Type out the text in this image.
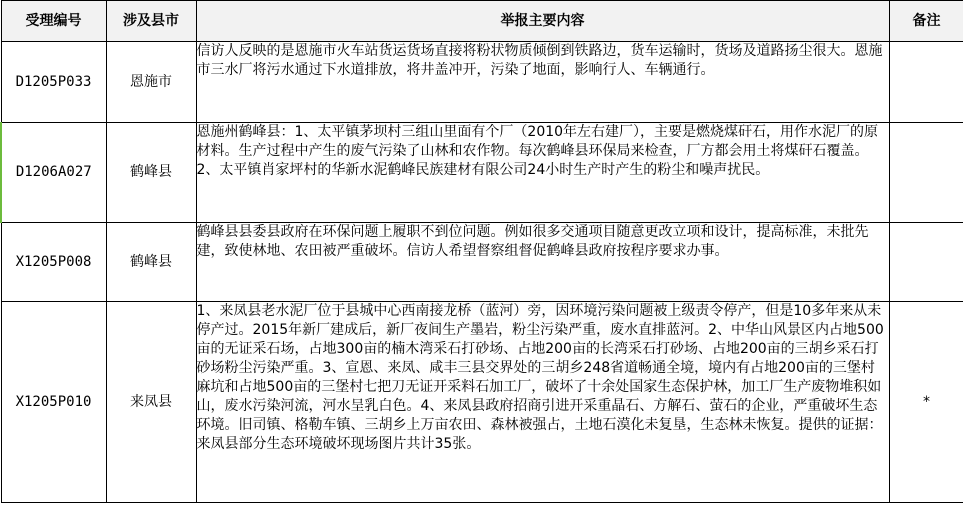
受理编号	涉及县市	举报主要内容	备注
D1205P033	恩施市	信访人反映的是恩施市火车站货运货场直接将粉状物质倾倒到铁路边，货车运输时，货场及道路扬尘很大。恩施市三水厂将污水通过下水道排放，将井盖冲开，污染了地面，影响行人、车辆通行。	
D1206A027	鹤峰县	恩施州鹤峰县：1、太平镇茅坝村三组山里面有个厂（2010年左右建厂），主要是燃烧煤矸石，用作水泥厂的原材料。生产过程中产生的废气污染了山林和农作物。每次鹤峰县环保局来检查，厂方都会用土将煤矸石覆盖。2、太平镇肖家坪村的华新水泥鹤峰民族建材有限公司24小时生产时产生的粉尘和噪声扰民。	
X1205P008	鹤峰县	鹤峰县县委县政府在环保问题上履职不到位问题。例如很多交通项目随意更改立项和设计，提高标准，未批先建，致使林地、农田被严重破坏。信访人希望督察组督促鹤峰县政府按程序要求办事。	
X1205P010	来凤县	1、来凤县老水泥厂位于县城中心西南接龙桥（蓝河）旁，因环境污染问题被上级责令停产，但是10多年来从未停产过。2015年新厂建成后，新厂夜间生产墨岩，粉尘污染严重，废水直排蓝河。2、中华山风景区内占地500亩的无证采石场，占地300亩的楠木湾采石打砂场、占地200亩的长湾采石打砂场、占地200亩的三胡乡采石打砂场粉尘污染严重。3、宣恩、来凤、咸丰三县交界处的三胡乡248省道畅通全境，境内有占地200亩的三堡村麻坑和占地500亩的三堡村七把刀无证开采料石加工厂，破坏了十余处国家生态保护林，加工厂生产废物堆积如山，废水污染河流，河水呈乳白色。4、来凤县政府招商引进开采重晶石、方解石、萤石的企业，严重破坏生态环境。旧司镇、格勒车镇、三胡乡上万亩农田、森林被强占，土地石漠化未复垦，生态林未恢复。提供的证据：来凤县部分生态环境破坏现场图片共计35张。	*
